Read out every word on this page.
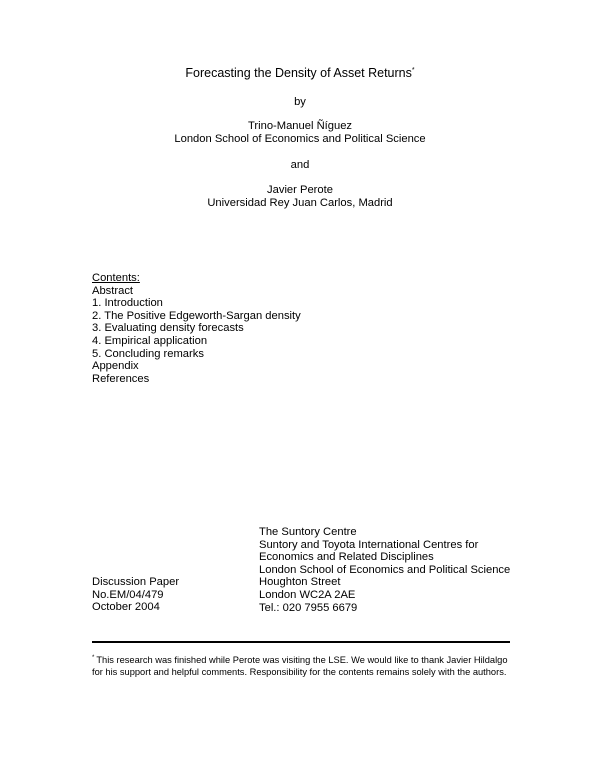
Forecasting the Density of Asset Returns*
by
Trino-Manuel Ñíguez
London School of Economics and Political Science
and
Javier Perote
Universidad Rey Juan Carlos, Madrid
Contents:
Abstract
1. Introduction
2. The Positive Edgeworth-Sargan density
3. Evaluating density forecasts
4. Empirical application
5. Concluding remarks
Appendix
References
The Suntory Centre
Suntory and Toyota International Centres for
Economics and Related Disciplines
London School of Economics and Political Science
Houghton Street
London WC2A 2AE
Tel.: 020 7955 6679
Discussion Paper
No.EM/04/479
October 2004
* This research was finished while Perote was visiting the LSE. We would like to thank Javier Hildalgo for his support and helpful comments. Responsibility for the contents remains solely with the authors.
